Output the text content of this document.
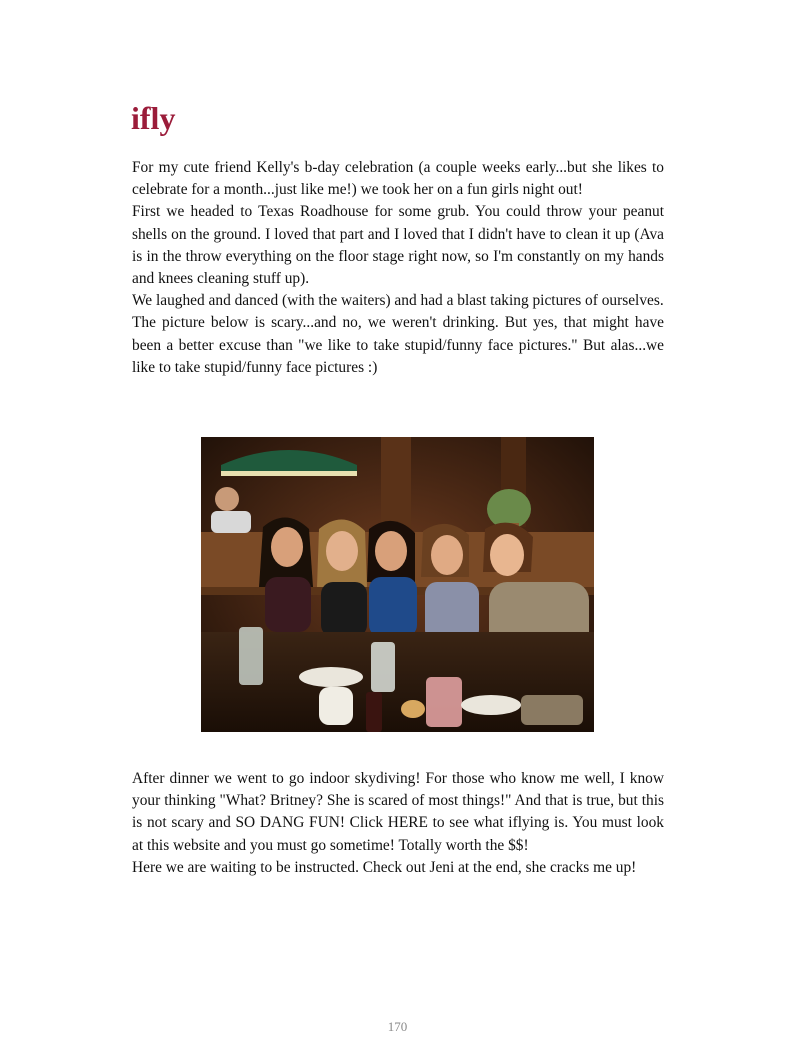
ifly

For my cute friend Kelly's b-day celebration (a couple weeks early...but she likes to celebrate for a month...just like me!) we took her on a fun girls night out!

First we headed to Texas Roadhouse for some grub. You could throw your peanut shells on the ground. I loved that part and I loved that I didn't have to clean it up (Ava is in the throw everything on the floor stage right now, so I'm constantly on my hands and knees cleaning stuff up).

We laughed and danced (with the waiters) and had a blast taking pictures of ourselves.

The picture below is scary...and no, we weren't drinking. But yes, that might have been a better excuse than "we like to take stupid/funny face pictures." But alas...we like to take stupid/funny face pictures :)

After dinner we went to go indoor skydiving! For those who know me well, I know your thinking "What? Britney? She is scared of most things!" And that is true, but this is not scary and SO DANG FUN! Click HERE to see what iflying is. You must look at this website and you must go sometime! Totally worth the $$!

Here we are waiting to be instructed. Check out Jeni at the end, she cracks me up!

170
